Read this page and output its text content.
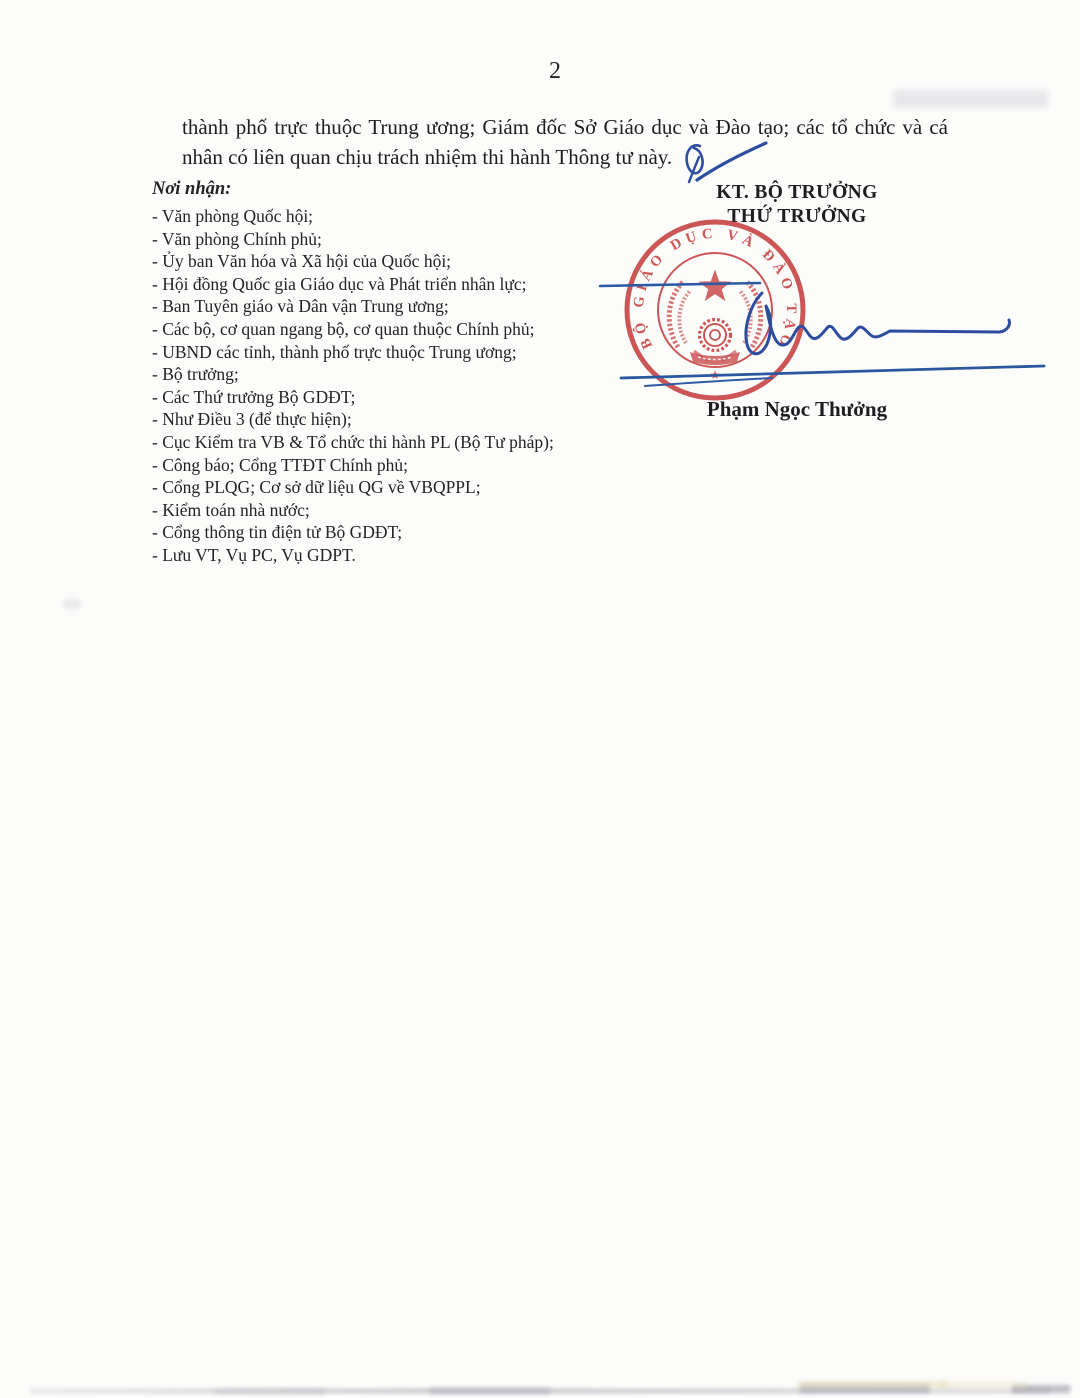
2
thành phố trực thuộc Trung ương; Giám đốc Sở Giáo dục và Đào tạo; các tổ chức và cá
nhân có liên quan chịu trách nhiệm thi hành Thông tư này.
Nơi nhận:
- Văn phòng Quốc hội;
- Văn phòng Chính phủ;
- Ủy ban Văn hóa và Xã hội của Quốc hội;
- Hội đồng Quốc gia Giáo dục và Phát triển nhân lực;
- Ban Tuyên giáo và Dân vận Trung ương;
- Các bộ, cơ quan ngang bộ, cơ quan thuộc Chính phủ;
- UBND các tỉnh, thành phố trực thuộc Trung ương;
- Bộ trưởng;
- Các Thứ trưởng Bộ GDĐT;
- Như Điều 3 (để thực hiện);
- Cục Kiểm tra VB & Tổ chức thi hành PL (Bộ Tư pháp);
- Công báo; Cổng TTĐT Chính phủ;
- Cổng PLQG; Cơ sở dữ liệu QG về VBQPPL;
- Kiểm toán nhà nước;
- Cổng thông tin điện tử Bộ GDĐT;
- Lưu VT, Vụ PC, Vụ GDPT.
KT. BỘ TRƯỞNG
THỨ TRƯỞNG
BỘ GIÁO DỤC VÀ ĐÀO TẠO
★
Phạm Ngọc Thưởng
